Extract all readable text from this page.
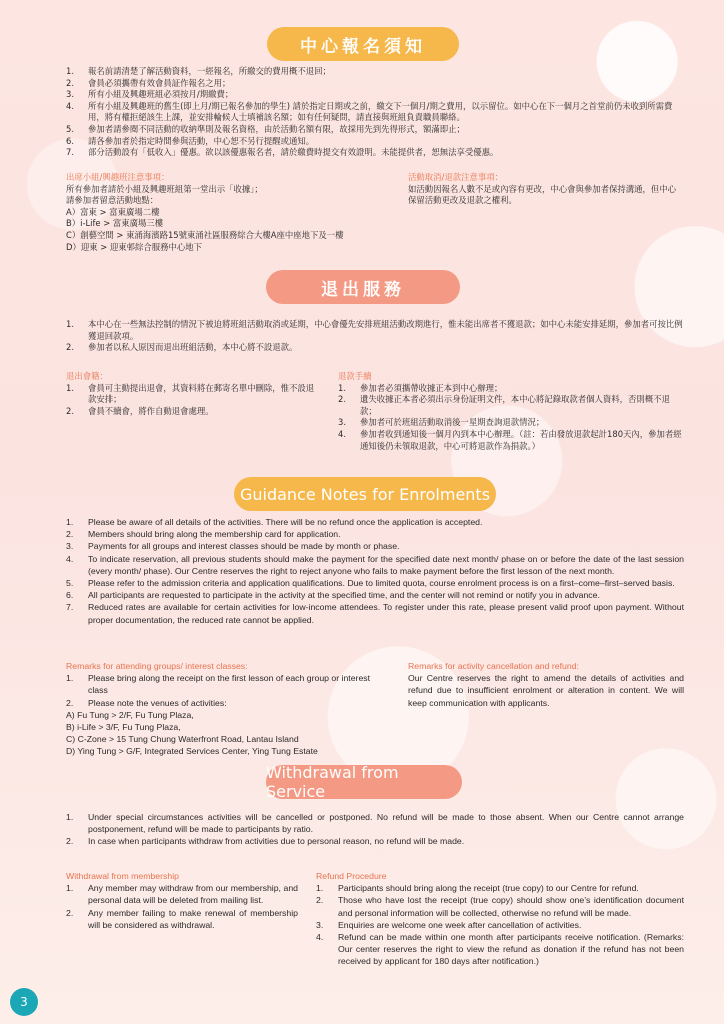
中心報名須知
1.	報名前請清楚了解活動資料，一經報名，所繳交的費用概不退回；
2.	會員必須攜帶有效會員証作報名之用；
3.	所有小組及興趣班組必須按月/期繳費；
4.	所有小組及興趣班的舊生(即上月/期已報名參加的學生) 請於指定日期或之前，繳交下一個月/期之費用，以示留位。如中心在下一個月之首堂前仍未收到所需費用，將有權拒絕該生上課，並安排輪候人士填補該名額；如有任何疑問，請直接與班組負責職員聯絡。
5.	參加者請參閱不同活動的收納準則及報名資格，由於活動名額有限，故採用先到先得形式，額滿即止；
6.	請各參加者於指定時間參與活動，中心恕不另行提醒或通知。
7.	部分活動設有「低收入」優惠。欲以該優惠報名者，請於繳費時提交有效證明。未能提供者，恕無法享受優惠。
出席小組/興趣班注意事項：
所有參加者請於小組及興趣班組第一堂出示「收據」；
請參加者留意活動地點：
A）富東 > 富東廣場二樓
B）i-Life > 富東廣場三樓
C）創藝空間 > 東涌海濱路15號東涌社區服務綜合大樓A座中座地下及一樓
D）迎東 > 迎東邨綜合服務中心地下
活動取消/退款注意事項：
如活動因報名人數不足或內容有更改，中心會與參加者保持溝通，但中心保留活動更改及退款之權利。
退出服務
1.	本中心在一些無法控制的情況下被迫將班組活動取消或延期，中心會優先安排班組活動改期進行，惟未能出席者不獲退款；如中心未能安排延期，參加者可按比例獲退回款項。
2.	參加者以私人原因而退出班組活動，本中心將不設退款。
退出會籍：
1.	會員可主動提出退會，其資料將在郵寄名單中刪除，惟不設退款安排；
2.	會員不續會，將作自動退會處理。
退款手續
1.	參加者必須攜帶收據正本到中心辦理；
2.	遺失收據正本者必須出示身份証明文件，本中心將記錄取款者個人資料，否則概不退款；
3.	參加者可於班組活動取消後一星期查詢退款情況；
4.	參加者收到通知後一個月內到本中心辦理。（註：若由發放退款起計180天內，參加者經通知後仍未領取退款，中心可將退款作為捐款。）
Guidance Notes for Enrolments
1.	Please be aware of all details of the activities. There will be no refund once the application is accepted.
2.	Members should bring along the membership card for application.
3.	Payments for all groups and interest classes should be made by month or phase.
4.	To indicate reservation, all previous students should make the payment for the specified date next month/ phase on or before the date of the last session (every month/ phase). Our Centre reserves the right to reject anyone who fails to make payment before the first lesson of the next month.
5.	Please refer to the admission criteria and application qualifications. Due to limited quota, course enrolment process is on a first–come–first–served basis.
6.	All participants are requested to participate in the activity at the specified time, and the center will not remind or notify you in advance.
7.	Reduced rates are available for certain activities for low-income attendees. To register under this rate, please present valid proof upon payment. Without proper documentation, the reduced rate cannot be applied.
Remarks for attending groups/ interest classes:
1.	Please bring along the receipt on the first lesson of each group or interest class
2.	Please note the venues of activities:
A) Fu Tung > 2/F, Fu Tung Plaza,
B) i-Life > 3/F, Fu Tung Plaza,
C) C-Zone > 15 Tung Chung Waterfront Road, Lantau Island
D) Ying Tung > G/F, Integrated Services Center, Ying Tung Estate
Remarks for activity cancellation and refund:
Our Centre reserves the right to amend the details of activities and refund due to insufficient enrolment or alteration in content. We will keep communication with applicants.
Withdrawal from Service
1.	Under special circumstances activities will be cancelled or postponed. No refund will be made to those absent. When our Centre cannot arrange postponement, refund will be made to participants by ratio.
2.	In case when participants withdraw from activities due to personal reason, no refund will be made.
Withdrawal from membership
1.	Any member may withdraw from our membership, and personal data will be deleted from mailing list.
2.	Any member failing to make renewal of membership will be considered as withdrawal.
Refund Procedure
1.	Participants should bring along the receipt (true copy) to our Centre for refund.
2.	Those who have lost the receipt (true copy) should show one’s identification document and personal information will be collected, otherwise no refund will be made.
3.	Enquiries are welcome one week after cancellation of activities.
4.	Refund can be made within one month after participants receive notification. (Remarks: Our center reserves the right to view the refund as donation if the refund has not been received by applicant for 180 days after notification.)
3
